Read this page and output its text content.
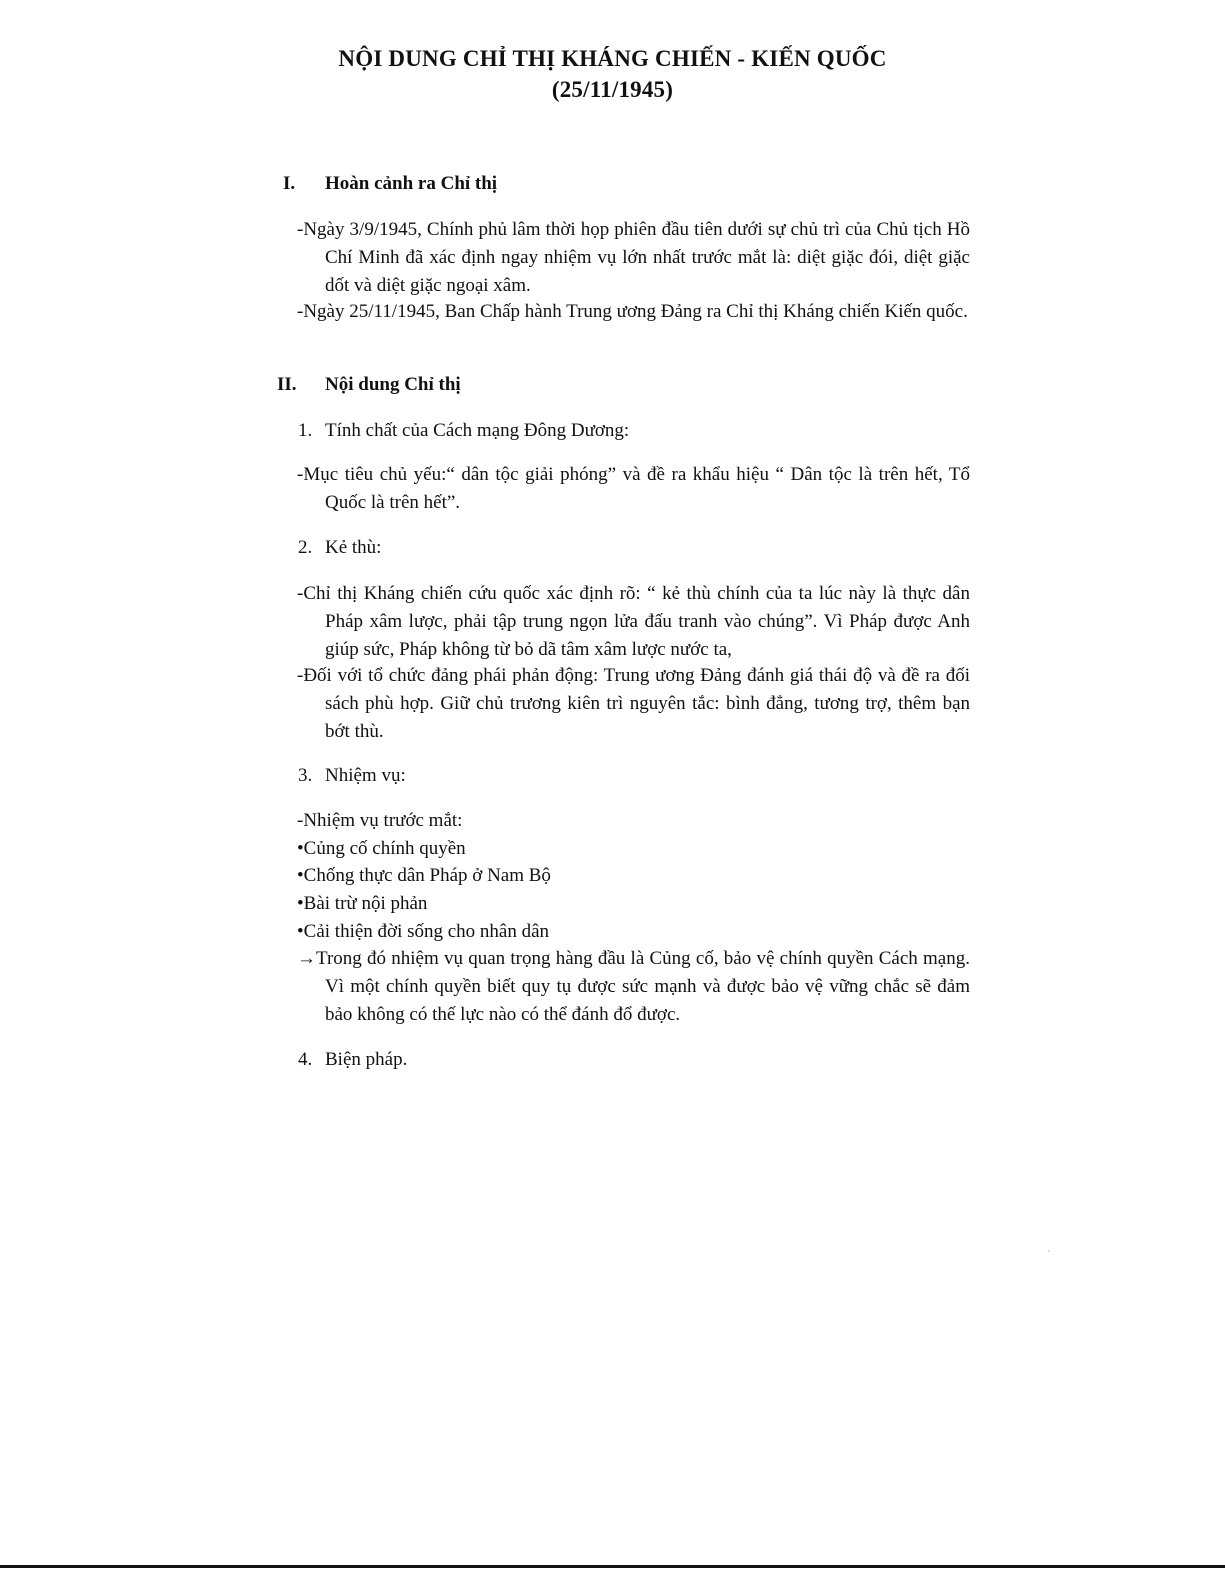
NỘI DUNG CHỈ THỊ KHÁNG CHIẾN - KIẾN QUỐC
(25/11/1945)
I. Hoàn cảnh ra Chỉ thị

-Ngày 3/9/1945, Chính phủ lâm thời họp phiên đầu tiên dưới sự chủ trì của Chủ tịch Hồ Chí Minh đã xác định ngay nhiệm vụ lớn nhất trước mắt là: diệt giặc đói, diệt giặc dốt và diệt giặc ngoại xâm.

-Ngày 25/11/1945, Ban Chấp hành Trung ương Đảng ra Chỉ thị Kháng chiến Kiến quốc.

II. Nội dung Chỉ thị
1. Tính chất của Cách mạng Đông Dương:

-Mục tiêu chủ yếu:“ dân tộc giải phóng” và đề ra khẩu hiệu “ Dân tộc là trên hết, Tổ Quốc là trên hết”.

2. Kẻ thù:

-Chỉ thị Kháng chiến cứu quốc xác định rõ: “ kẻ thù chính của ta lúc này là thực dân Pháp xâm lược, phải tập trung ngọn lửa đấu tranh vào chúng”. Vì Pháp được Anh giúp sức, Pháp không từ bỏ dã tâm xâm lược nước ta,

-Đối với tổ chức đảng phái phản động: Trung ương Đảng đánh giá thái độ và đề ra đối sách phù hợp. Giữ chủ trương kiên trì nguyên tắc: bình đẳng, tương trợ, thêm bạn bớt thù.

3. Nhiệm vụ:
-Nhiệm vụ trước mắt:
•Củng cố chính quyền
•Chống thực dân Pháp ở Nam Bộ
•Bài trừ nội phản
•Cải thiện đời sống cho nhân dân

→Trong đó nhiệm vụ quan trọng hàng đầu là Củng cố, bảo vệ chính quyền Cách mạng. Vì một chính quyền biết quy tụ được sức mạnh và được bảo vệ vững chắc sẽ đảm bảo không có thế lực nào có thể đánh đổ được.

4. Biện pháp.
